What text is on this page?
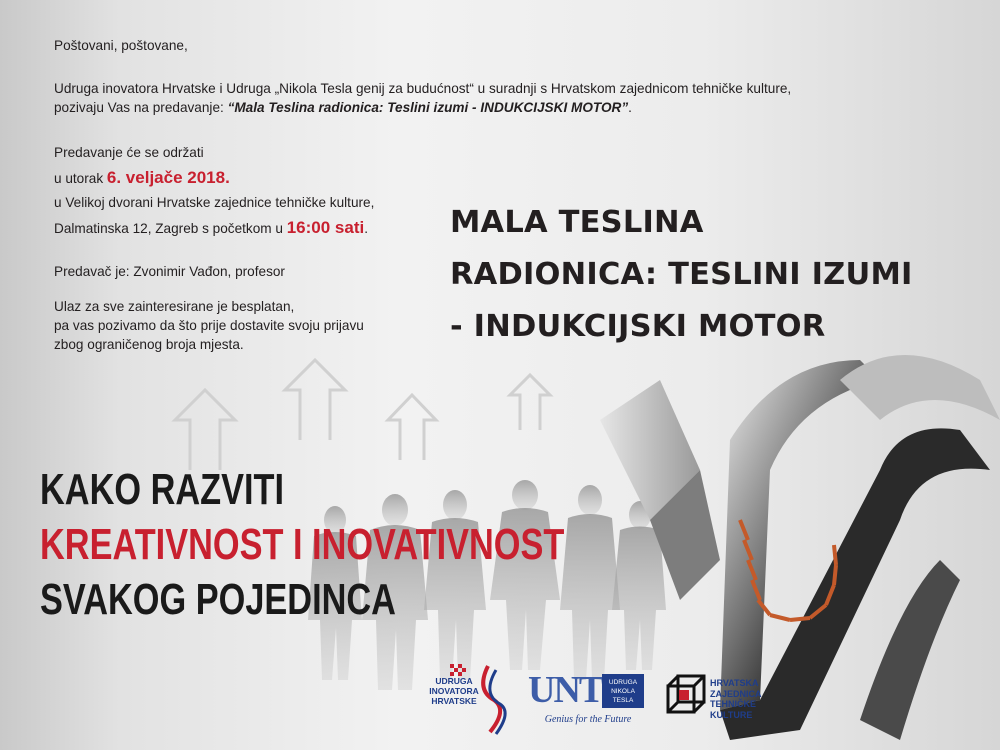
Poštovani, poštovane,
Udruga inovatora Hrvatske i Udruga „Nikola Tesla genij za budućnost“ u suradnji s Hrvatskom zajednicom tehničke kulture,
pozivaju Vas na predavanje: “Mala Teslina radionica: Teslini izumi - INDUKCIJSKI MOTOR”.
Predavanje će se održati
u utorak 6. veljače 2018.
u Velikoj dvorani Hrvatske zajednice tehničke kulture,
Dalmatinska 12, Zagreb s početkom u 16:00 sati.
Predavač je: Zvonimir Vađon, profesor
Ulaz za sve zainteresirane je besplatan,
pa vas pozivamo da što prije dostavite svoju prijavu
zbog ograničenog broja mjesta.
MALA TESLINA
RADIONICA: TESLINI IZUMI
- INDUKCIJSKI MOTOR
KAKO RAZVITI
KREATIVNOST I INOVATIVNOST
SVAKOG POJEDINCA
UDRUGA INOVATORA HRVATSKE	UNT	UDRUGA NIKOLA TESLA
Genius for the Future
HRVATSKA ZAJEDNICA TEHNIČKE KULTURE
